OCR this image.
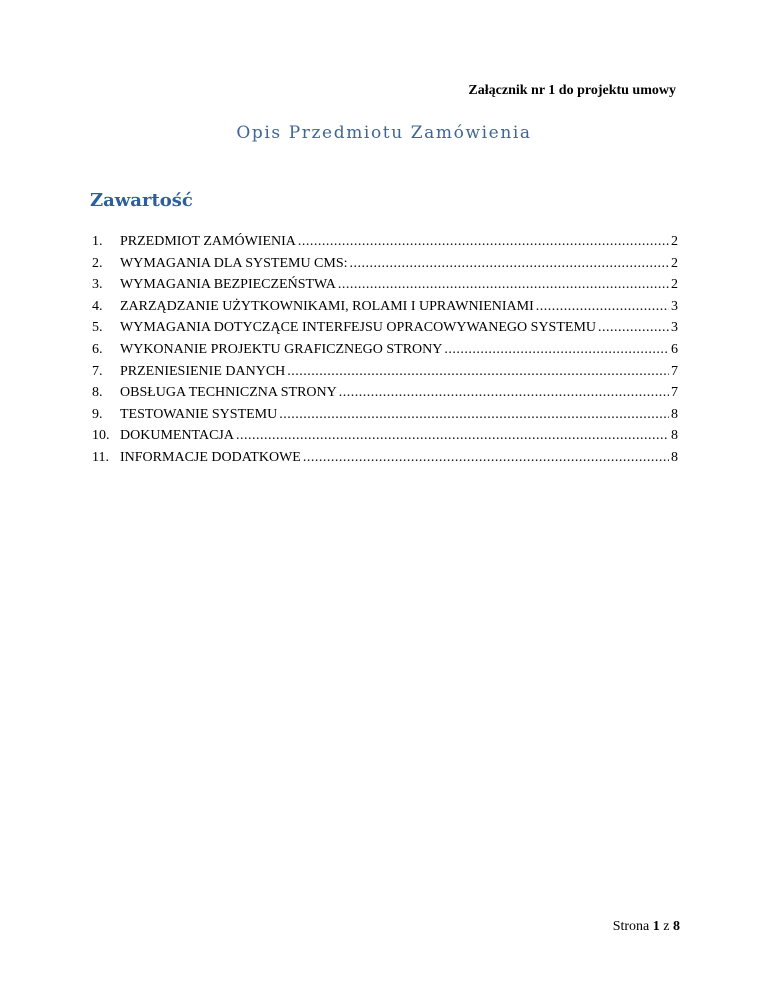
Załącznik nr 1 do projektu umowy
Opis Przedmiotu Zamówienia
Zawartość
1.	PRZEDMIOT ZAMÓWIENIA .....	2
2.	WYMAGANIA DLA SYSTEMU CMS: .....	2
3.	WYMAGANIA BEZPIECZEŃSTWA .....	2
4.	ZARZĄDZANIE UŻYTKOWNIKAMI, ROLAMI I UPRAWNIENIAMI .....	3
5.	WYMAGANIA DOTYCZĄCE INTERFEJSU OPRACOWYWANEGO SYSTEMU .....	3
6.	WYKONANIE PROJEKTU GRAFICZNEGO STRONY .....	6
7.	PRZENIESIENIE DANYCH .....	7
8.	OBSŁUGA TECHNICZNA STRONY .....	7
9.	TESTOWANIE SYSTEMU .....	8
10. DOKUMENTACJA .....	8
11. INFORMACJE DODATKOWE .....	8
Strona 1 z 8
